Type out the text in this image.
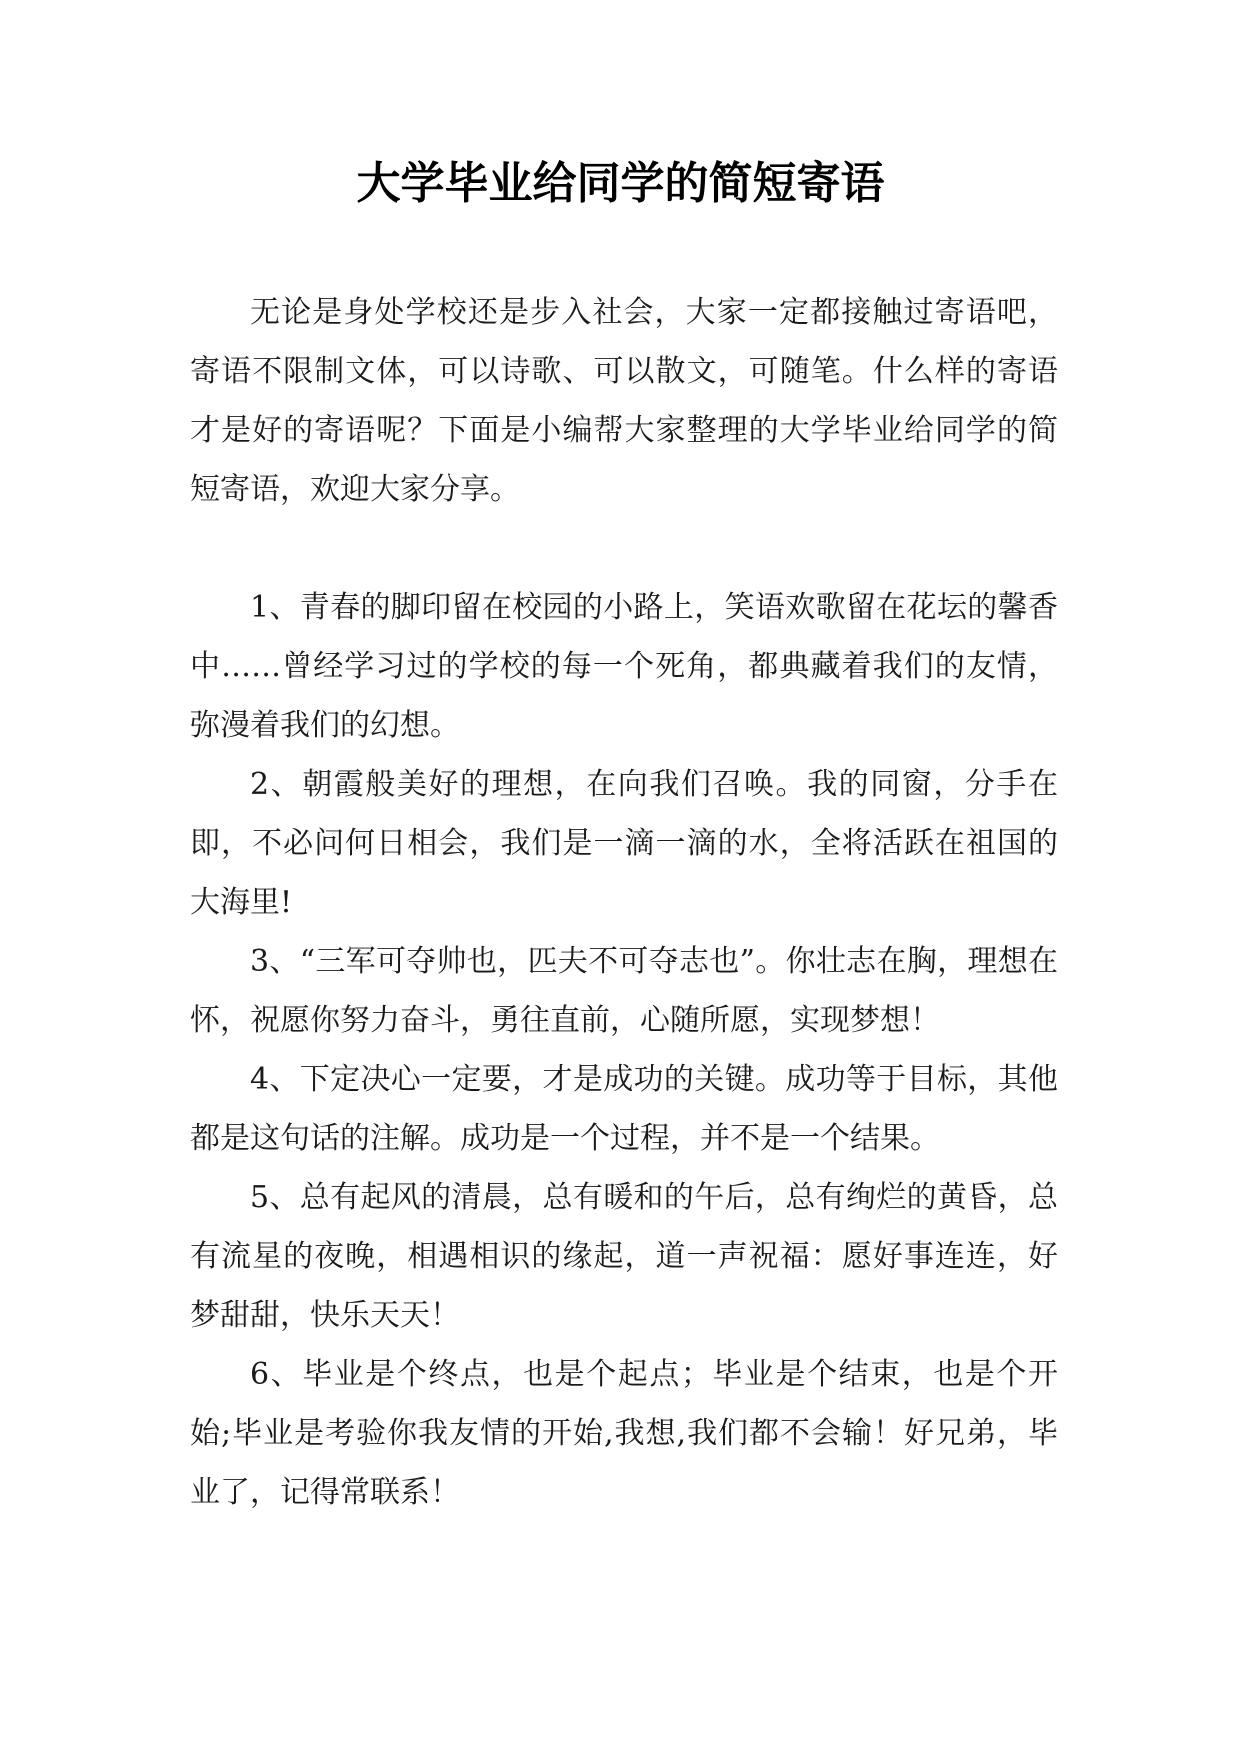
大学毕业给同学的简短寄语

无论是身处学校还是步入社会，大家一定都接触过寄语吧，寄语不限制文体，可以诗歌、可以散文，可随笔。什么样的寄语才是好的寄语呢？下面是小编帮大家整理的大学毕业给同学的简短寄语，欢迎大家分享。

1、青春的脚印留在校园的小路上，笑语欢歌留在花坛的馨香中……曾经学习过的学校的每一个死角，都典藏着我们的友情，弥漫着我们的幻想。

2、朝霞般美好的理想，在向我们召唤。我的同窗，分手在即，不必问何日相会，我们是一滴一滴的水，全将活跃在祖国的大海里!

3、“三军可夺帅也，匹夫不可夺志也”。你壮志在胸，理想在怀，祝愿你努力奋斗，勇往直前，心随所愿，实现梦想！

4、下定决心一定要，才是成功的关键。成功等于目标，其他都是这句话的注解。成功是一个过程，并不是一个结果。

5、总有起风的清晨，总有暖和的午后，总有绚烂的黄昏，总有流星的夜晚，相遇相识的缘起，道一声祝福：愿好事连连，好梦甜甜，快乐天天！

6、毕业是个终点，也是个起点；毕业是个结束，也是个开始;毕业是考验你我友情的开始,我想,我们都不会输！好兄弟，毕业了，记得常联系！
